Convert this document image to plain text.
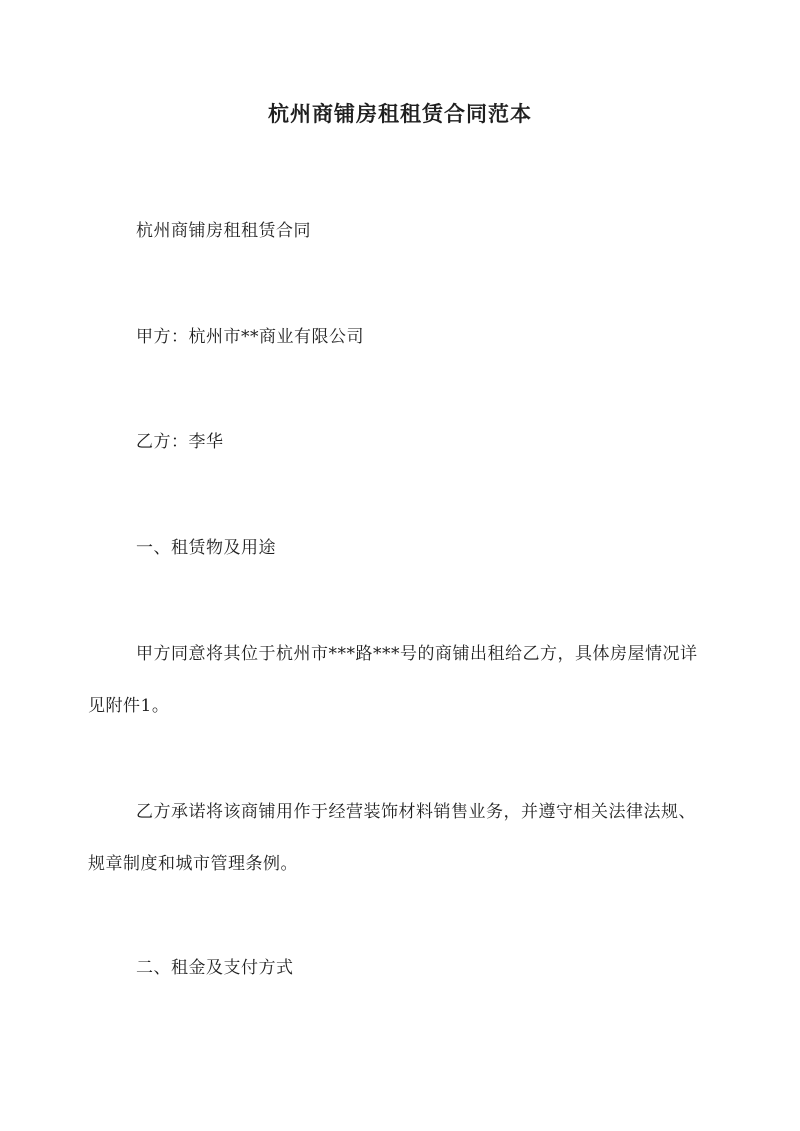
杭州商铺房租租赁合同范本

杭州商铺房租租赁合同

甲方：杭州市**商业有限公司

乙方：李华

一、租赁物及用途

甲方同意将其位于杭州市***路***号的商铺出租给乙方，具体房屋情况详见附件1。

乙方承诺将该商铺用作于经营装饰材料销售业务，并遵守相关法律法规、规章制度和城市管理条例。

二、租金及支付方式
